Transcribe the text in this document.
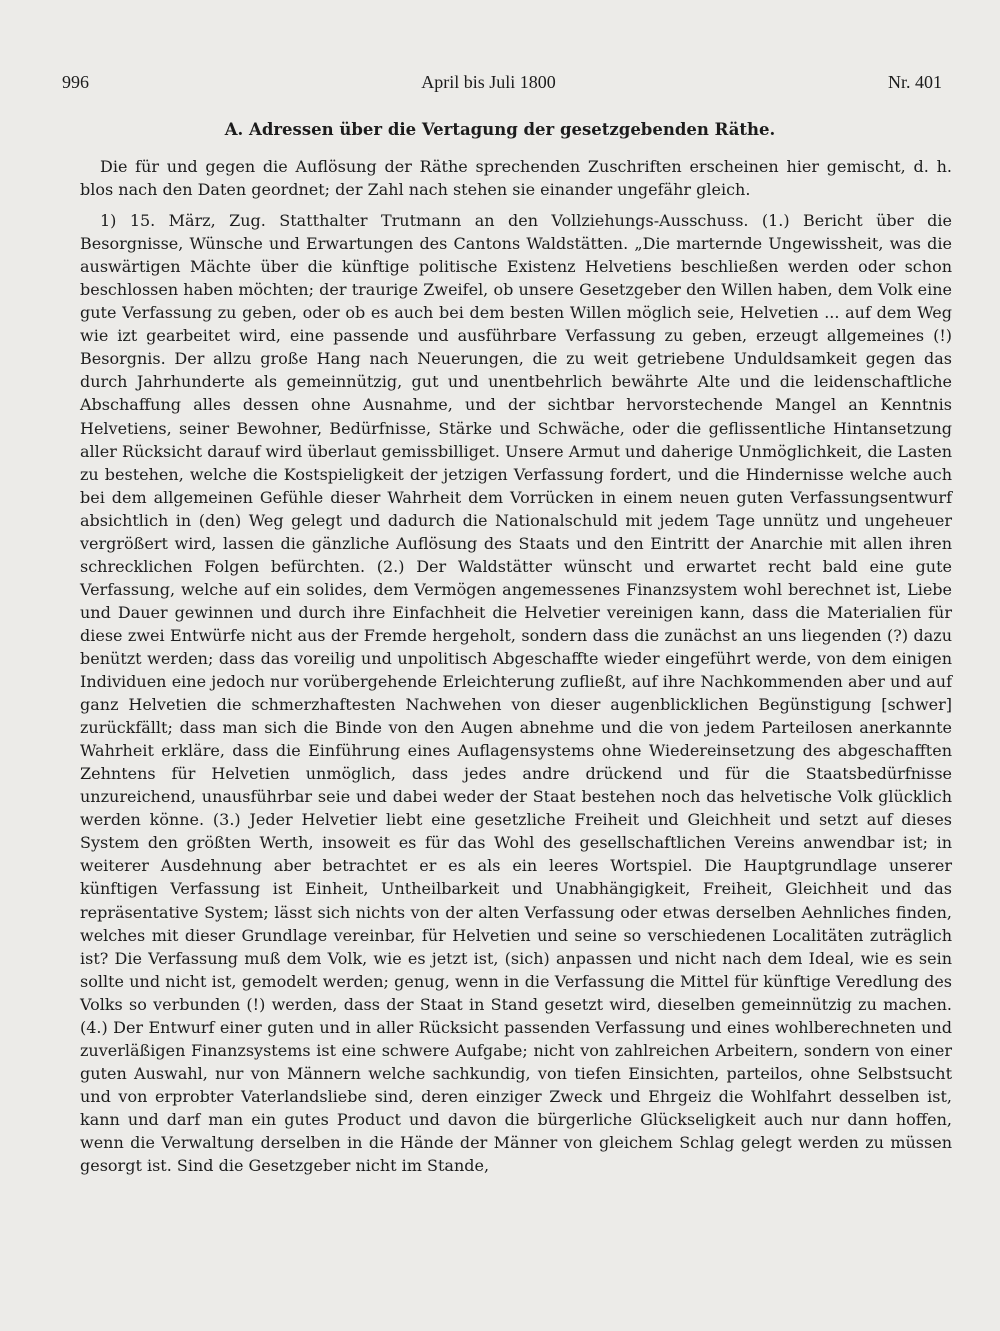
996	April bis Juli 1800	Nr. 401
A. Adressen über die Vertagung der gesetzgebenden Räthe.

Die für und gegen die Auflösung der Räthe sprechenden Zuschriften erscheinen hier gemischt, d. h. blos nach den Daten geordnet; der Zahl nach stehen sie einander ungefähr gleich.

1) 15. März, Zug. Statthalter Trutmann an den Vollziehungs-Ausschuss. (1.) Bericht über die Besorgnisse, Wünsche und Erwartungen des Cantons Waldstätten. „Die marternde Ungewissheit, was die auswärtigen Mächte über die künftige politische Existenz Helvetiens beschließen werden oder schon beschlossen haben möchten; der traurige Zweifel, ob unsere Gesetzgeber den Willen haben, dem Volk eine gute Verfassung zu geben, oder ob es auch bei dem besten Willen möglich seie, Helvetien ... auf dem Weg wie izt gearbeitet wird, eine passende und ausführbare Verfassung zu geben, erzeugt allgemeines (!) Besorgnis. Der allzu große Hang nach Neuerungen, die zu weit getriebene Unduldsamkeit gegen das durch Jahrhunderte als gemeinnützig, gut und unentbehrlich bewährte Alte und die leidenschaftliche Abschaffung alles dessen ohne Ausnahme, und der sichtbar hervorstechende Mangel an Kenntnis Helvetiens, seiner Bewohner, Bedürfnisse, Stärke und Schwäche, oder die geflissentliche Hintansetzung aller Rücksicht darauf wird überlaut gemissbilliget. Unsere Armut und daherige Unmöglichkeit, die Lasten zu bestehen, welche die Kostspieligkeit der jetzigen Verfassung fordert, und die Hindernisse welche auch bei dem allgemeinen Gefühle dieser Wahrheit dem Vorrücken in einem neuen guten Verfassungsentwurf absichtlich in (den) Weg gelegt und dadurch die Nationalschuld mit jedem Tage unnütz und ungeheuer vergrößert wird, lassen die gänzliche Auflösung des Staats und den Eintritt der Anarchie mit allen ihren schrecklichen Folgen befürchten. (2.) Der Waldstätter wünscht und erwartet recht bald eine gute Verfassung, welche auf ein solides, dem Vermögen angemessenes Finanzsystem wohl berechnet ist, Liebe und Dauer gewinnen und durch ihre Einfachheit die Helvetier vereinigen kann, dass die Materialien für diese zwei Entwürfe nicht aus der Fremde hergeholt, sondern dass die zunächst an uns liegenden (?) dazu benützt werden; dass das voreilig und unpolitisch Abgeschaffte wieder eingeführt werde, von dem einigen Individuen eine jedoch nur vorübergehende Erleichterung zufließt, auf ihre Nachkommenden aber und auf ganz Helvetien die schmerzhaftesten Nachwehen von dieser augenblicklichen Begünstigung [schwer] zurückfällt; dass man sich die Binde von den Augen abnehme und die von jedem Parteilosen anerkannte Wahrheit erkläre, dass die Einführung eines Auflagensystems ohne Wiedereinsetzung des abgeschafften Zehntens für Helvetien unmöglich, dass jedes andre drückend und für die Staatsbedürfnisse unzureichend, unausführbar seie und dabei weder der Staat bestehen noch das helvetische Volk glücklich werden könne. (3.) Jeder Helvetier liebt eine gesetzliche Freiheit und Gleichheit und setzt auf dieses System den größten Werth, insoweit es für das Wohl des gesellschaftlichen Vereins anwendbar ist; in weiterer Ausdehnung aber betrachtet er es als ein leeres Wortspiel. Die Hauptgrundlage unserer künftigen Verfassung ist Einheit, Untheilbarkeit und Unabhängigkeit, Freiheit, Gleichheit und das repräsentative System; lässt sich nichts von der alten Verfassung oder etwas derselben Aehnliches finden, welches mit dieser Grundlage vereinbar, für Helvetien und seine so verschiedenen Localitäten zuträglich ist? Die Verfassung muß dem Volk, wie es jetzt ist, (sich) anpassen und nicht nach dem Ideal, wie es sein sollte und nicht ist, gemodelt werden; genug, wenn in die Verfassung die Mittel für künftige Veredlung des Volks so verbunden (!) werden, dass der Staat in Stand gesetzt wird, dieselben gemeinnützig zu machen. (4.) Der Entwurf einer guten und in aller Rücksicht passenden Verfassung und eines wohlberechneten und zuverläßigen Finanzsystems ist eine schwere Aufgabe; nicht von zahlreichen Arbeitern, sondern von einer guten Auswahl, nur von Männern welche sachkundig, von tiefen Einsichten, parteilos, ohne Selbstsucht und von erprobter Vaterlandsliebe sind, deren einziger Zweck und Ehrgeiz die Wohlfahrt desselben ist, kann und darf man ein gutes Product und davon die bürgerliche Glückseligkeit auch nur dann hoffen, wenn die Verwaltung derselben in die Hände der Männer von gleichem Schlag gelegt werden zu müssen gesorgt ist. Sind die Gesetzgeber nicht im Stande,
